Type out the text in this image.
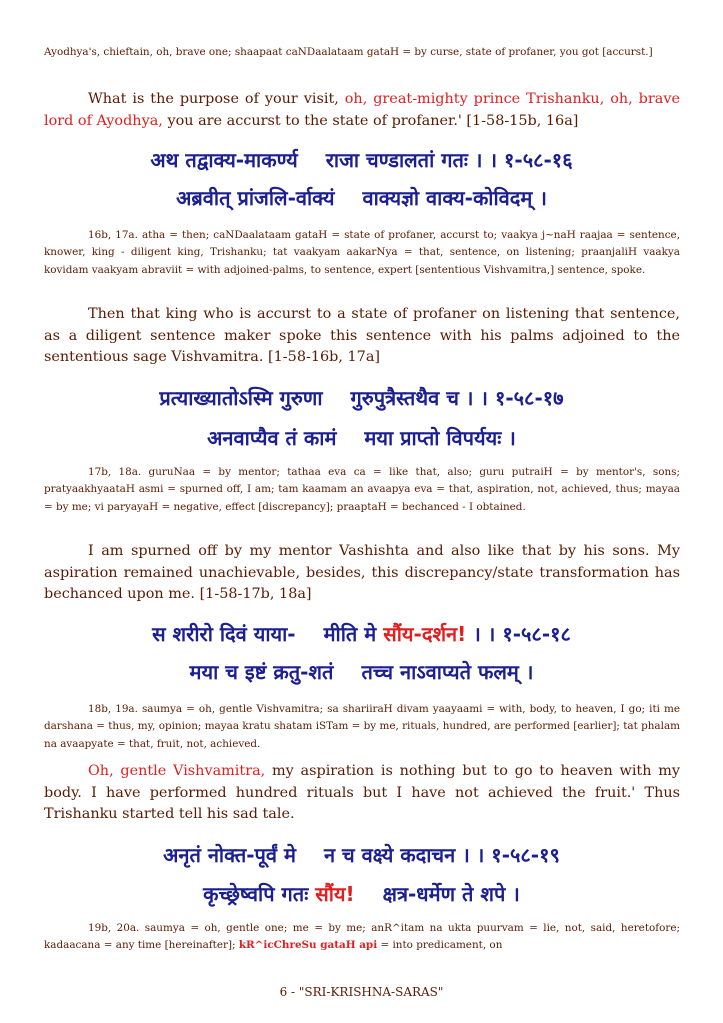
Ayodhya's, chieftain, oh, brave one; shaapaat caNDaalataam gataH = by curse, state of profaner, you got [accurst.]

What is the purpose of your visit, oh, great-mighty prince Trishanku, oh, brave lord of Ayodhya, you are accurst to the state of profaner.' [1-58-15b, 16a]

अथ तद्वाक्य-माकर्ण्य राजा चण्डालतां गतः । । १-५८-१६

अब्रवीत् प्रांजलि-र्वाक्यं वाक्यज्ञो वाक्य-कोविदम् ।

16b, 17a. atha = then; caNDaalataam gataH = state of profaner, accurst to; vaakya j~naH raajaa = sentence, knower, king - diligent king, Trishanku; tat vaakyam aakarNya = that, sentence, on listening; praanjaliH vaakya kovidam vaakyam abraviit = with adjoined-palms, to sentence, expert [sententious Vishvamitra,] sentence, spoke.

Then that king who is accurst to a state of profaner on listening that sentence, as a diligent sentence maker spoke this sentence with his palms adjoined to the sententious sage Vishvamitra. [1-58-16b, 17a]

प्रत्याख्यातोऽस्मि गुरुणा गुरुपुत्रैस्तथैव च । । १-५८-१७

अनवाप्यैव तं कामं मया प्राप्तो विपर्ययः ।

17b, 18a. guruNaa = by mentor; tathaa eva ca = like that, also; guru putraiH = by mentor's, sons; pratyaakhyaataH asmi = spurned off, I am; tam kaamam an avaapya eva = that, aspiration, not, achieved, thus; mayaa = by me; vi paryayaH = negative, effect [discrepancy]; praaptaH = bechanced - I obtained.

I am spurned off by my mentor Vashishta and also like that by his sons. My aspiration remained unachievable, besides, this discrepancy/state transformation has bechanced upon me. [1-58-17b, 18a]

स शरीरो दिवं याया- मीति मे सौंय-दर्शन! । । १-५८-१८

मया च इष्टं क्रतु-शतं तच्च नाऽवाप्यते फलम् ।

18b, 19a. saumya = oh, gentle Vishvamitra; sa shariiraH divam yaayaami = with, body, to heaven, I go; iti me darshana = thus, my, opinion; mayaa kratu shatam iSTam = by me, rituals, hundred, are performed [earlier]; tat phalam na avaapyate = that, fruit, not, achieved.

Oh, gentle Vishvamitra, my aspiration is nothing but to go to heaven with my body. I have performed hundred rituals but I have not achieved the fruit.' Thus Trishanku started tell his sad tale.

अनृतं नोक्त-पूर्वं मे न च वक्ष्ये कदाचन । । १-५८-१९

कृच्छ्रेष्वपि गतः सौंय! क्षत्र-धर्मेण ते शपे ।

19b, 20a. saumya = oh, gentle one; me = by me; anR^itam na ukta puurvam = lie, not, said, heretofore; kadaacana = any time [hereinafter]; kR^icChreSu gataH api = into predicament, on

6 - "SRI-KRISHNA-SARAS"
